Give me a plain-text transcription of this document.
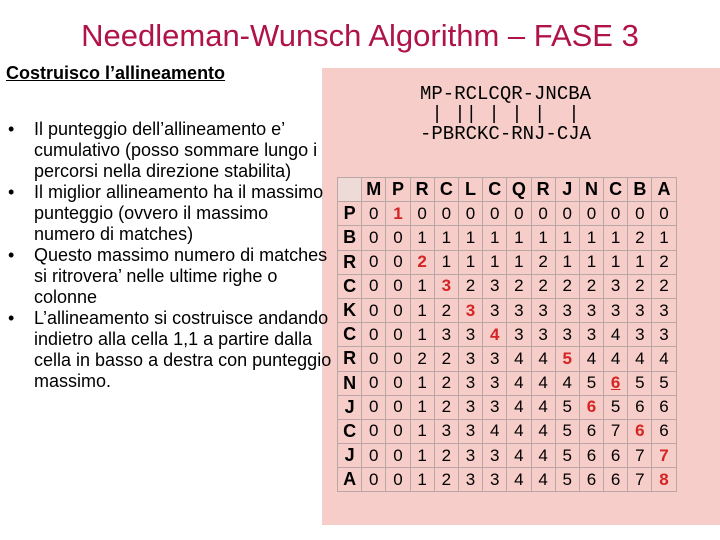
Needleman-Wunsch Algorithm – FASE 3
Costruisco l’allineamento
MP-RCLCQR-JNCBA
| || | | |  |
-PBRCKC-RNJ-CJA

• Il punteggio dell’allineamento e’ cumulativo (posso sommare lungo i percorsi nella direzione stabilita)

• Il miglior allineamento ha il massimo punteggio (ovvero il massimo numero di matches)

• Questo massimo numero di matches si ritrovera’ nelle ultime righe o colonne

• L’allineamento si costruisce andando indietro alla cella 1,1 a partire dalla cella in basso a destra con punteggio massimo.

	M	P	R	C	L	C	Q	R	J	N	C	B	A
P	0	1	0	0	0	0	0	0	0	0	0	0	0
B	0	0	1	1	1	1	1	1	1	1	1	2	1
R	0	0	2	1	1	1	1	2	1	1	1	1	2
C	0	0	1	3	2	3	2	2	2	2	3	2	2
K	0	0	1	2	3	3	3	3	3	3	3	3	3
C	0	0	1	3	3	4	3	3	3	3	4	3	3
R	0	0	2	2	3	3	4	4	5	4	4	4	4
N	0	0	1	2	3	3	4	4	4	5	6	5	5
J	0	0	1	2	3	3	4	4	5	6	5	6	6
C	0	0	1	3	3	4	4	4	5	6	7	6	6
J	0	0	1	2	3	3	4	4	5	6	6	7	7
A	0	0	1	2	3	3	4	4	5	6	6	7	8
